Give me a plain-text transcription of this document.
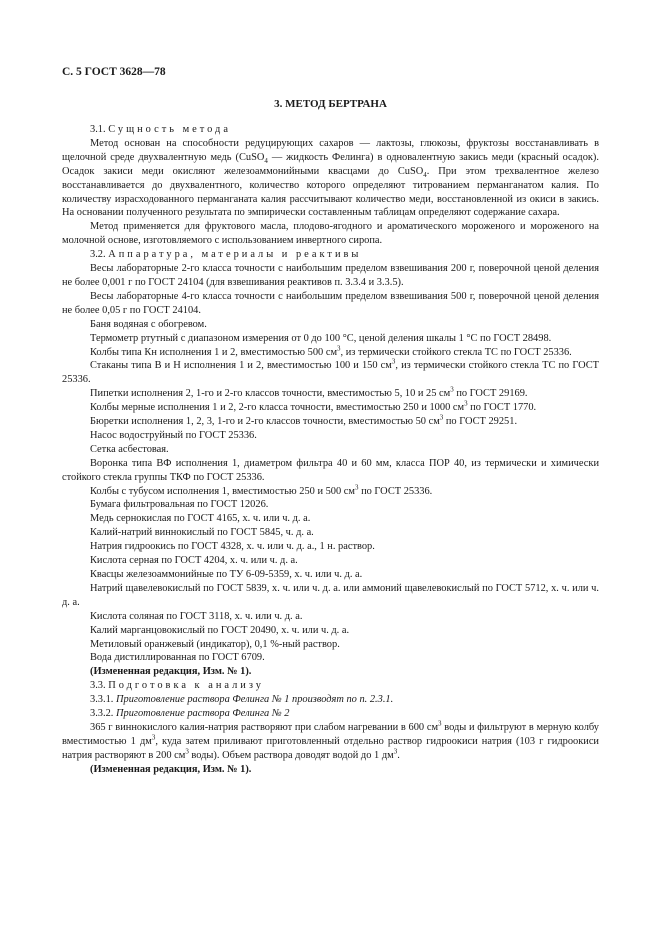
С. 5 ГОСТ 3628—78
3. МЕТОД БЕРТРАНА

3.1. Сущность метода

Метод основан на способности редуцирующих сахаров — лактозы, глюкозы, фруктозы восстанавливать в щелочной среде двухвалентную медь (CuSO$_4$ — жидкость Фелинга) в одновалентную закись меди (красный осадок). Осадок закиси меди окисляют железоаммонийными квасцами до CuSO$_4$. При этом трехвалентное железо восстанавливается до двухвалентного, количество которого определяют титрованием перманганатом калия. По количеству израсходованного перманганата калия рассчитывают количество меди, восстановленной из окиси в закись. На основании полученного результата по эмпирически составленным таблицам определяют содержание сахара.

Метод применяется для фруктового масла, плодово-ягодного и ароматического мороженого и мороженого на молочной основе, изготовляемого с использованием инвертного сиропа.

3.2. Аппаратура, материалы и реактивы

Весы лабораторные 2-го класса точности с наибольшим пределом взвешивания 200 г, поверочной ценой деления не более 0,001 г по ГОСТ 24104 (для взвешивания реактивов п. 3.3.4 и 3.3.5).

Весы лабораторные 4-го класса точности с наибольшим пределом взвешивания 500 г, поверочной ценой деления не более 0,05 г по ГОСТ 24104.

Баня водяная с обогревом.

Термометр ртутный с диапазоном измерения от 0 до 100 °С, ценой деления шкалы 1 °С по ГОСТ 28498.

Колбы типа Кн исполнения 1 и 2, вместимостью 500 $см^3$, из термически стойкого стекла ТС по ГОСТ 25336.

Стаканы типа В и Н исполнения 1 и 2, вместимостью 100 и 150 $см^3$, из термически стойкого стекла ТС по ГОСТ 25336.

Пипетки исполнения 2, 1-го и 2-го классов точности, вместимостью 5, 10 и 25 $см^3$ по ГОСТ 29169.

Колбы мерные исполнения 1 и 2, 2-го класса точности, вместимостью 250 и 1000 $см^3$ по ГОСТ 1770.

Бюретки исполнения 1, 2, 3, 1-го и 2-го классов точности, вместимостью 50 $см^3$ по ГОСТ 29251.

Насос водоструйный по ГОСТ 25336.

Сетка асбестовая.

Воронка типа ВФ исполнения 1, диаметром фильтра 40 и 60 мм, класса ПОР 40, из термически и химически стойкого стекла группы ТКФ по ГОСТ 25336.

Колбы с тубусом исполнения 1, вместимостью 250 и 500 $см^3$ по ГОСТ 25336.

Бумага фильтровальная по ГОСТ 12026.

Медь сернокислая по ГОСТ 4165, х. ч. или ч. д. а.

Калий-натрий виннокислый по ГОСТ 5845, ч. д. а.

Натрия гидроокись по ГОСТ 4328, х. ч. или ч. д. а., 1 н. раствор.

Кислота серная по ГОСТ 4204, х. ч. или ч. д. а.

Квасцы железоаммонийные по ТУ 6-09-5359, х. ч. или ч. д. а.

Натрий щавелевокислый по ГОСТ 5839, х. ч. или ч. д. а. или аммоний щавелевокислый по ГОСТ 5712, х. ч. или ч. д. а.

Кислота соляная по ГОСТ 3118, х. ч. или ч. д. а.

Калий марганцовокислый по ГОСТ 20490, х. ч. или ч. д. а.

Метиловый оранжевый (индикатор), 0,1 %-ный раствор.

Вода дистиллированная по ГОСТ 6709.

(Измененная редакция, Изм. № 1).

3.3. Подготовка к анализу

3.3.1. Приготовление раствора Фелинга № 1 производят по п. 2.3.1.

3.3.2. Приготовление раствора Фелинга № 2

365 г виннокислого калия-натрия растворяют при слабом нагревании в 600 $см^3$ воды и фильтруют в мерную колбу вместимостью 1 $дм^3$, куда затем приливают приготовленный отдельно раствор гидроокиси натрия (103 г гидроокиси натрия растворяют в 200 $см^3$ воды). Объем раствора доводят водой до 1 $дм^3$.

(Измененная редакция, Изм. № 1).
